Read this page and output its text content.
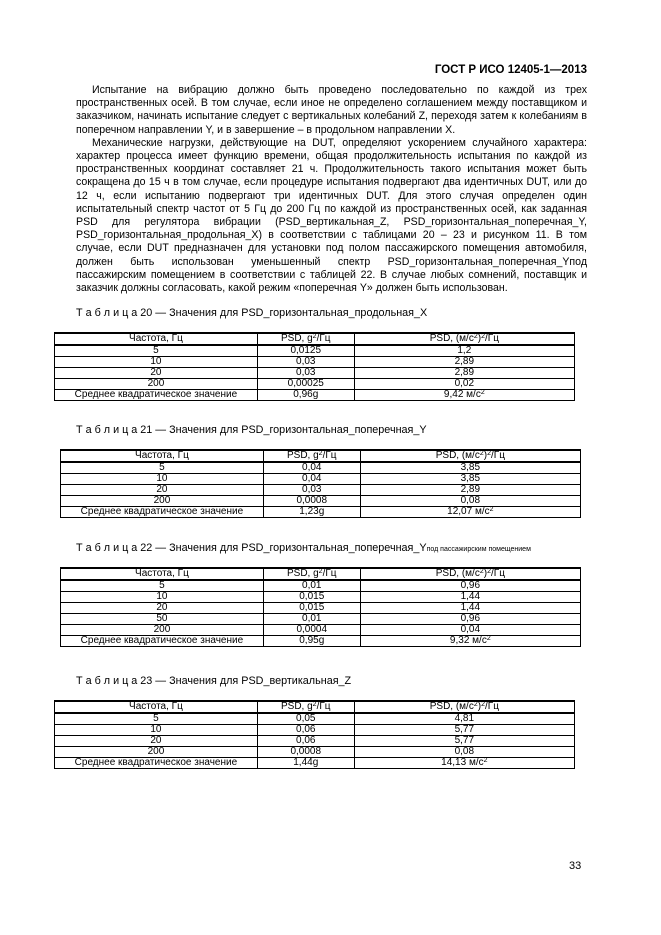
ГОСТ Р ИСО 12405-1—2013

Испытание на вибрацию должно быть проведено последовательно по каждой из трех пространственных осей. В том случае, если иное не определено соглашением между поставщиком и заказчиком, начинать испытание следует с вертикальных колебаний Z, переходя затем к колебаниям в поперечном направлении Y, и в завершение – в продольном направлении X.

Механические нагрузки, действующие на DUT, определяют ускорением случайного характера: характер процесса имеет функцию времени, общая продолжительность испытания по каждой из пространственных координат составляет 21 ч. Продолжительность такого испытания может быть сокращена до 15 ч в том случае, если процедуре испытания подвергают два идентичных DUT, или до 12 ч, если испытанию подвергают три идентичных DUT. Для этого случая определен один испытательный спектр частот от 5 Гц до 200 Гц по каждой из пространственных осей, как заданная PSD для регулятора вибрации (PSD_вертикальная_Z, PSD_горизонтальная_поперечная_Y, PSD_горизонтальная_продольная_X) в соответствии с таблицами 20 – 23 и рисунком 11. В том случае, если DUT предназначен для установки под полом пассажирского помещения автомобиля, должен быть использован уменьшенный спектр PSD_горизонтальная_поперечная_Yпод пассажирским помещением в соответствии с таблицей 22. В случае любых сомнений, поставщик и заказчик должны согласовать, какой режим «поперечная Y» должен быть использован.

Т а б л и ц а 20 — Значения для PSD_горизонтальная_продольная_X
Частота, Гц	PSD, $g^2/Гц$	PSD, $(м/с^2)^2/Гц$
5	0,0125	1,2
10	0,03	2,89
20	0,03	2,89
200	0,00025	0,02
Среднее квадратическое значение	0,96g	9,42 $м/с^2$
Т а б л и ц а 21 — Значения для PSD_горизонтальная_поперечная_Y
Частота, Гц	PSD, $g^2/Гц$	PSD, $(м/с^2)^2/Гц$
5	0,04	3,85
10	0,04	3,85
20	0,03	2,89
200	0,0008	0,08
Среднее квадратическое значение	1,23g	12,07 $м/с^2$
Т а б л и ц а 22 — Значения для PSD_горизонтальная_поперечная_Yпод пассажирским помещением
Частота, Гц	PSD, $g^2/Гц$	PSD, $(м/с^2)^2/Гц$
5	0,01	0,96
10	0,015	1,44
20	0,015	1,44
50	0,01	0,96
200	0,0004	0,04
Среднее квадратическое значение	0,95g	9,32 $м/с^2$
Т а б л и ц а 23 — Значения для PSD_вертикальная_Z
Частота, Гц	PSD, $g^2/Гц$	PSD, $(м/с^2)^2/Гц$
5	0,05	4,81
10	0,06	5,77
20	0,06	5,77
200	0,0008	0,08
Среднее квадратическое значение	1,44g	14,13 $м/с^2$
33
